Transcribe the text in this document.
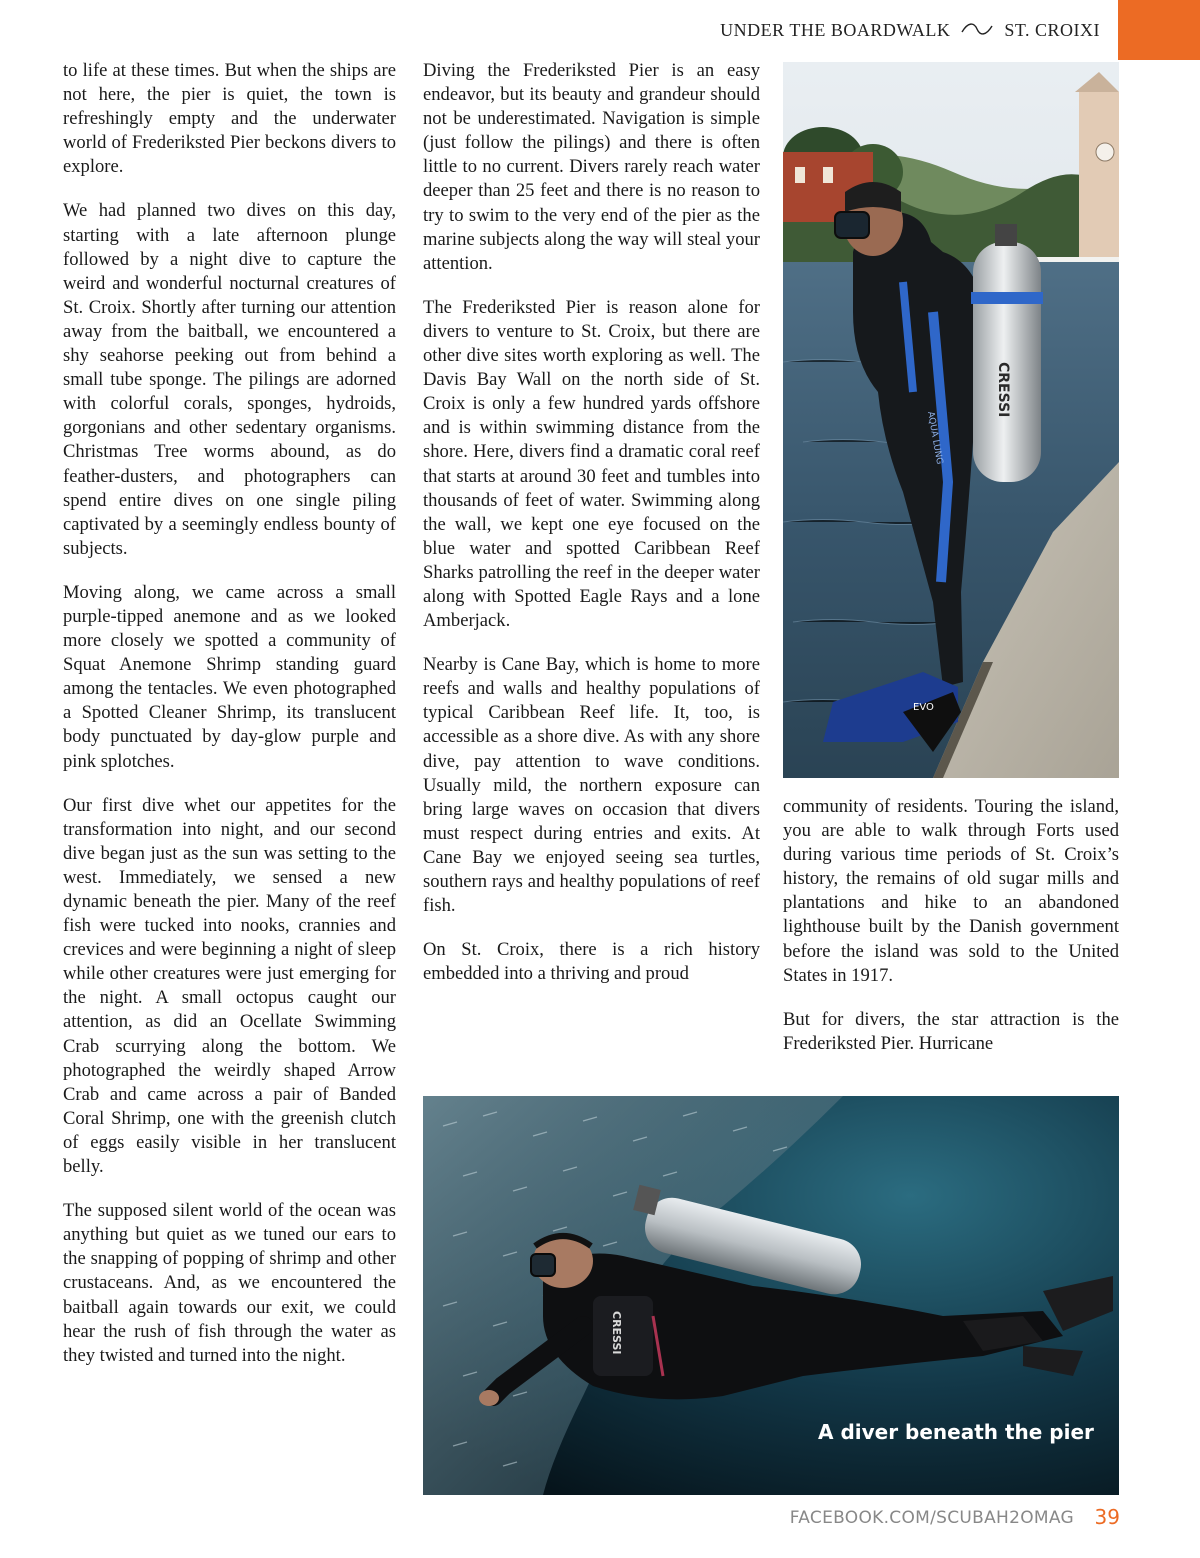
UNDER THE BOARDWALK	ST. CROIXI

to life at these times. But when the ships are not here, the pier is quiet, the town is refreshingly empty and the underwater world of Frederiksted Pier beckons divers to explore.

We had planned two dives on this day, starting with a late afternoon plunge followed by a night dive to capture the weird and wonderful nocturnal creatures of St. Croix. Shortly after turning our attention away from the baitball, we encountered a shy seahorse peeking out from behind a small tube sponge. The pilings are adorned with colorful corals, sponges, hydroids, gorgonians and other sedentary organisms. Christmas Tree worms abound, as do feather-dusters, and photographers can spend entire dives on one single piling captivated by a seemingly endless bounty of subjects.

Moving along, we came across a small purple-tipped anemone and as we looked more closely we spotted a community of Squat Anemone Shrimp standing guard among the tentacles. We even photographed a Spotted Cleaner Shrimp, its translucent body punctuated by day-glow purple and pink splotches.

Our first dive whet our appetites for the transformation into night, and our second dive began just as the sun was setting to the west. Immediately, we sensed a new dynamic beneath the pier. Many of the reef fish were tucked into nooks, crannies and crevices and were beginning a night of sleep while other creatures were just emerging for the night. A small octopus caught our attention, as did an Ocellate Swimming Crab scurrying along the bottom. We photographed the weirdly shaped Arrow Crab and came across a pair of Banded Coral Shrimp, one with the greenish clutch of eggs easily visible in her translucent belly.

The supposed silent world of the ocean was anything but quiet as we tuned our ears to the snapping of popping of shrimp and other crustaceans. And, as we encountered the baitball again towards our exit, we could hear the rush of fish through the water as they twisted and turned into the night.

Diving the Frederiksted Pier is an easy endeavor, but its beauty and grandeur should not be underestimated. Navigation is simple (just follow the pilings) and there is often little to no current. Divers rarely reach water deeper than 25 feet and there is no reason to try to swim to the very end of the pier as the marine subjects along the way will steal your attention.

The Frederiksted Pier is reason alone for divers to venture to St. Croix, but there are other dive sites worth exploring as well. The Davis Bay Wall on the north side of St. Croix is only a few hundred yards offshore and is within swimming distance from the shore. Here, divers find a dramatic coral reef that starts at around 30 feet and tumbles into thousands of feet of water. Swimming along the wall, we kept one eye focused on the blue water and spotted Caribbean Reef Sharks patrolling the reef in the deeper water along with Spotted Eagle Rays and a lone Amberjack.

Nearby is Cane Bay, which is home to more reefs and walls and healthy populations of typical Caribbean Reef life. It, too, is accessible as a shore dive. As with any shore dive, pay attention to wave conditions. Usually mild, the northern exposure can bring large waves on occasion that divers must respect during entries and exits. At Cane Bay we enjoyed seeing sea turtles, southern rays and healthy populations of reef fish.

On St. Croix, there is a rich history embedded into a thriving and proud

community of residents. Touring the island, you are able to walk through Forts used during various time periods of St. Croix’s history, the remains of old sugar mills and plantations and hike to an abandoned lighthouse built by the Danish government before the island was sold to the United States in 1917.

But for divers, the star attraction is the Frederiksted Pier. Hurricane

CRESSI
AQUA LUNG
EVO
CRESSI
A diver beneath the pier
FACEBOOK.COM/SCUBAH2OMAG	39
